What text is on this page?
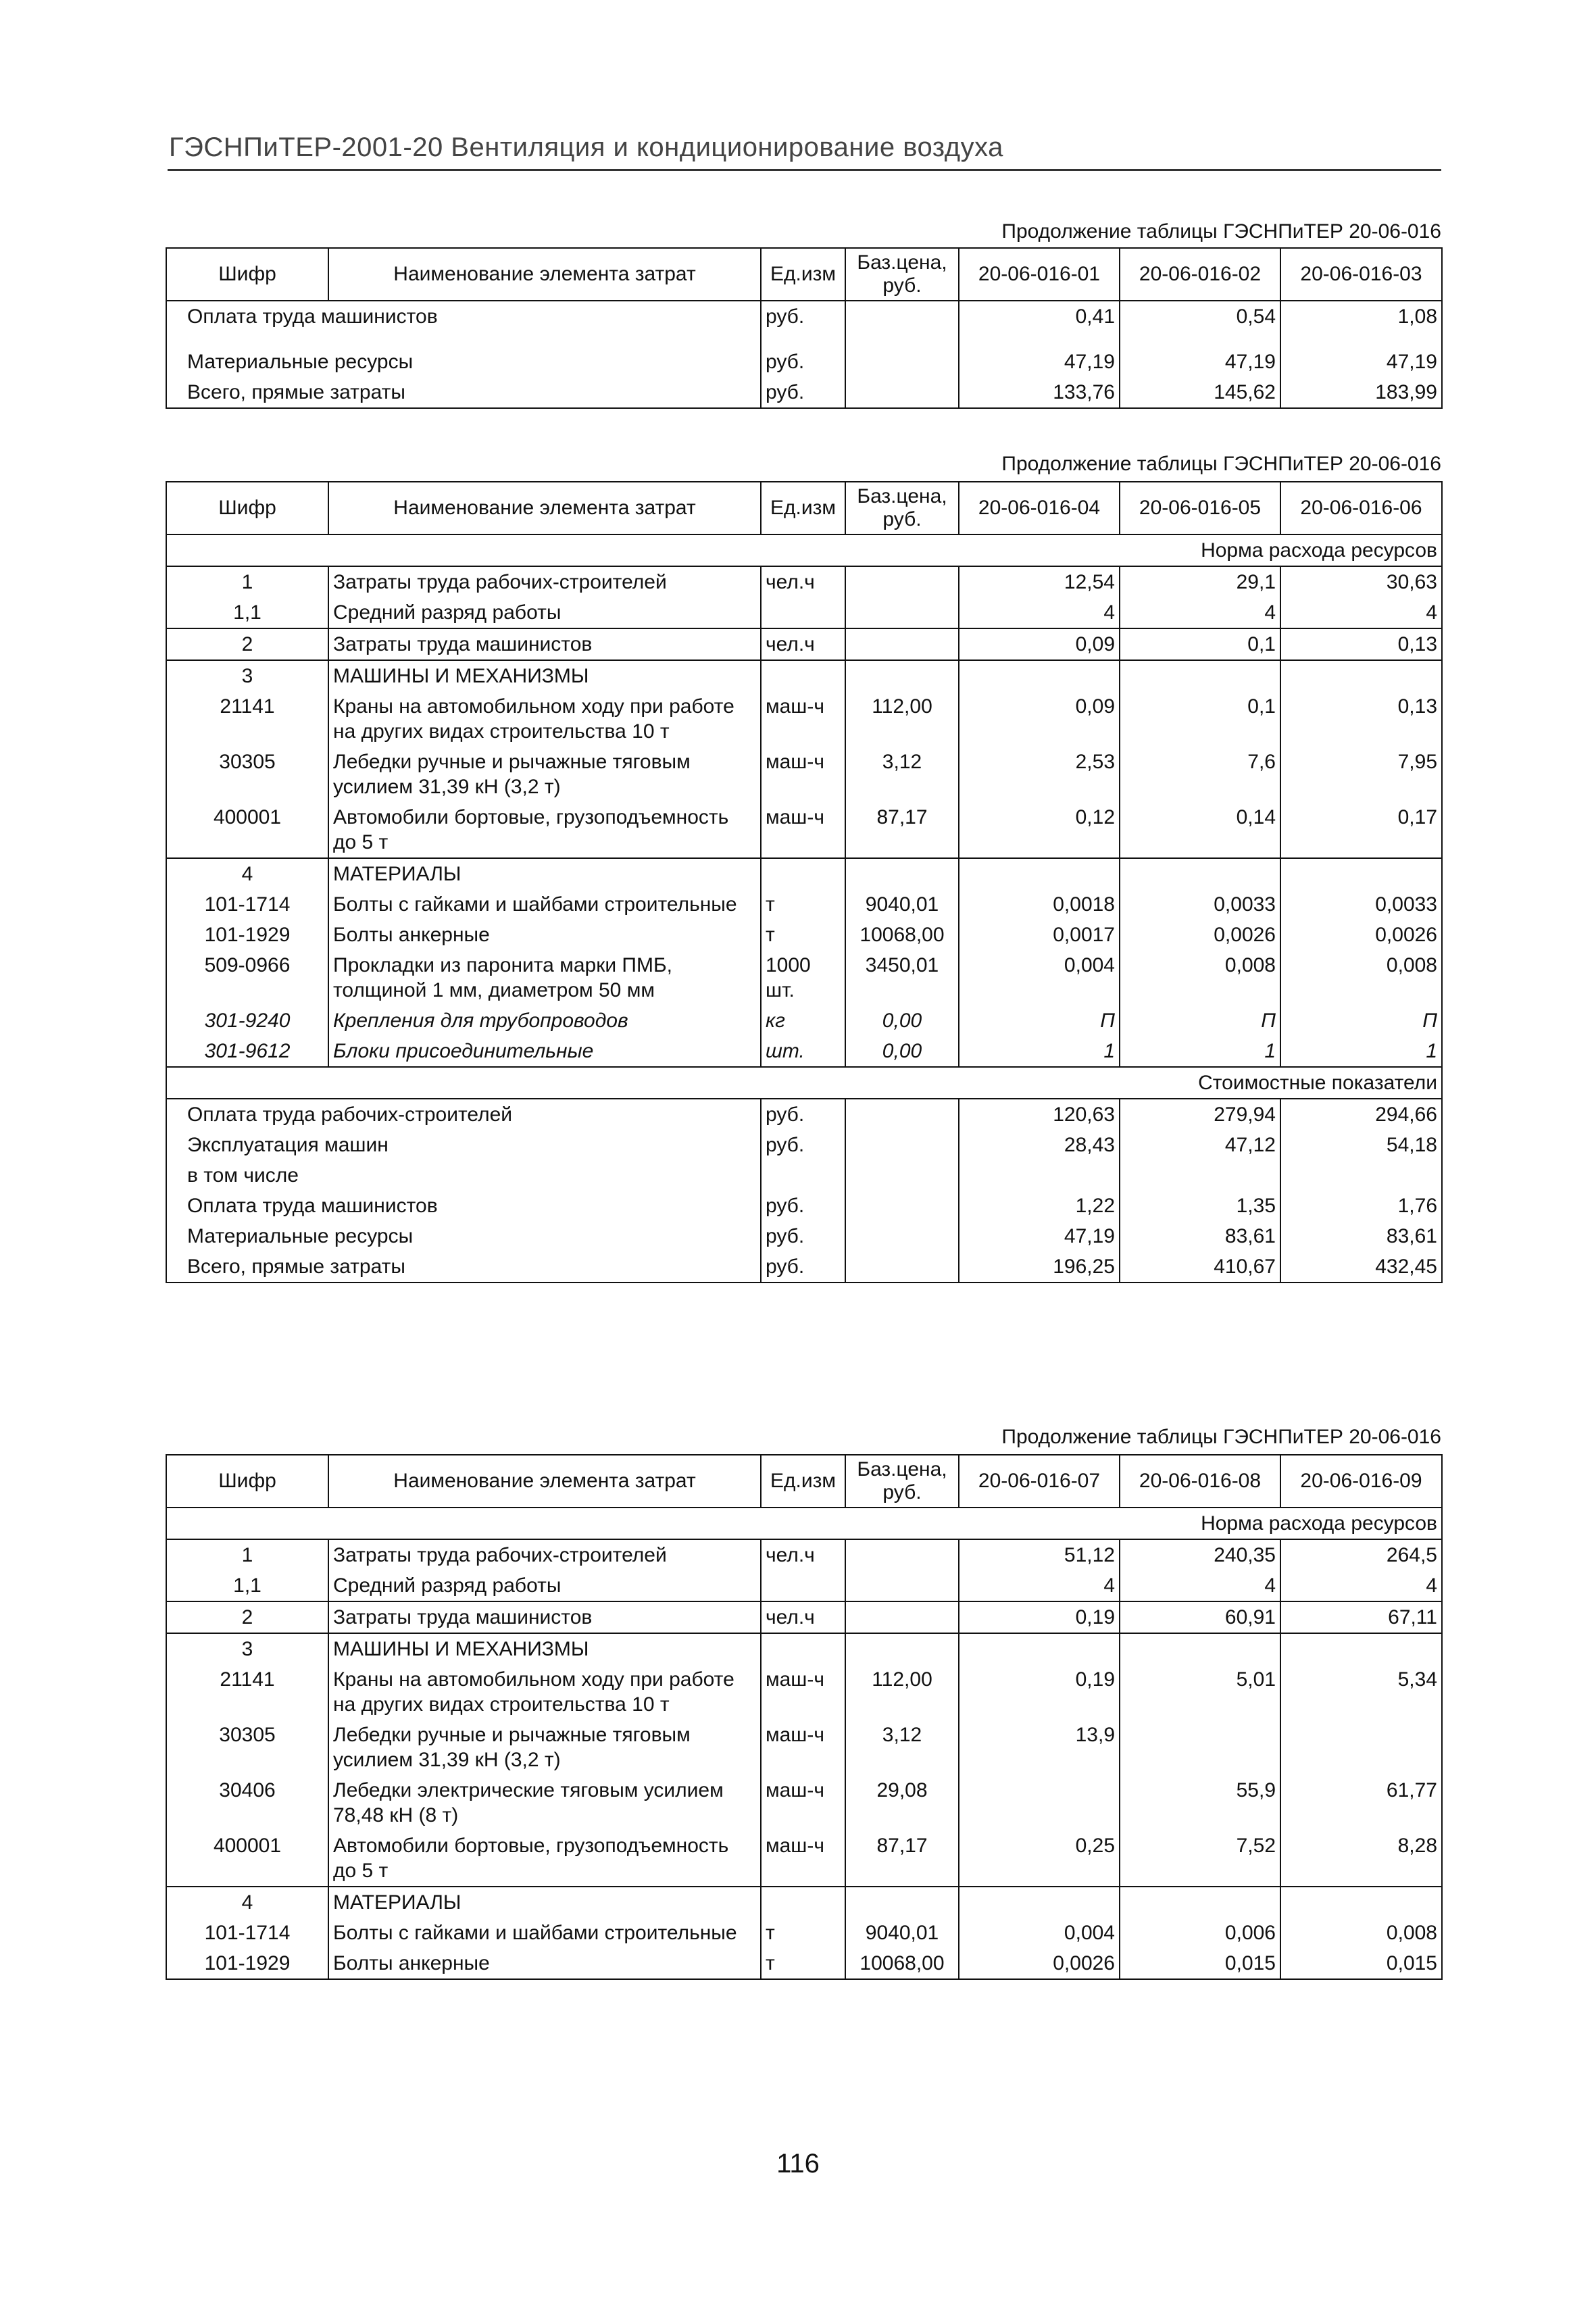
ГЭСНПиТЕР-2001-20 Вентиляция и кондиционирование воздуха
Продолжение таблицы ГЭСНПиТЕР 20-06-016
Шифр	Наименование элемента затрат	Ед.изм	Баз.цена, руб.	20-06-016-01	20-06-016-02	20-06-016-03
Оплата труда машинистов		руб.		0,41	0,54	1,08
Материальные ресурсы		руб.		47,19	47,19	47,19
Всего, прямые затраты		руб.		133,76	145,62	183,99
Продолжение таблицы ГЭСНПиТЕР 20-06-016
Шифр	Наименование элемента затрат	Ед.изм	Баз.цена, руб.	20-06-016-04	20-06-016-05	20-06-016-06
Норма расхода ресурсов						
1	Затраты труда рабочих-строителей	чел.ч		12,54	29,1	30,63
1,1	Средний разряд работы			4	4	4
2	Затраты труда машинистов	чел.ч		0,09	0,1	0,13
3	МАШИНЫ И МЕХАНИЗМЫ					
21141	Краны на автомобильном ходу при работе на других видах строительства 10 т	маш-ч	112,00	0,09	0,1	0,13
30305	Лебедки ручные и рычажные тяговым усилием 31,39 кН (3,2 т)	маш-ч	3,12	2,53	7,6	7,95
400001	Автомобили бортовые, грузоподъемность до 5 т	маш-ч	87,17	0,12	0,14	0,17
4	МАТЕРИАЛЫ					
101-1714	Болты с гайками и шайбами строительные	т	9040,01	0,0018	0,0033	0,0033
101-1929	Болты анкерные	т	10068,00	0,0017	0,0026	0,0026
509-0966	Прокладки из паронита марки ПМБ, толщиной 1 мм, диаметром 50 мм	1000 шт.	3450,01	0,004	0,008	0,008
301-9240	Крепления для трубопроводов	кг	0,00	П	П	П
301-9612	Блоки присоединительные	шт.	0,00	1	1	1
Стоимостные показатели						
Оплата труда рабочих-строителей		руб.		120,63	279,94	294,66
Эксплуатация машин		руб.		28,43	47,12	54,18
в том числе						
Оплата труда машинистов		руб.		1,22	1,35	1,76
Материальные ресурсы		руб.		47,19	83,61	83,61
Всего, прямые затраты		руб.		196,25	410,67	432,45
Продолжение таблицы ГЭСНПиТЕР 20-06-016
Шифр	Наименование элемента затрат	Ед.изм	Баз.цена, руб.	20-06-016-07	20-06-016-08	20-06-016-09
Норма расхода ресурсов						
1	Затраты труда рабочих-строителей	чел.ч		51,12	240,35	264,5
1,1	Средний разряд работы			4	4	4
2	Затраты труда машинистов	чел.ч		0,19	60,91	67,11
3	МАШИНЫ И МЕХАНИЗМЫ					
21141	Краны на автомобильном ходу при работе на других видах строительства 10 т	маш-ч	112,00	0,19	5,01	5,34
30305	Лебедки ручные и рычажные тяговым усилием 31,39 кН (3,2 т)	маш-ч	3,12	13,9		
30406	Лебедки электрические тяговым усилием 78,48 кН (8 т)	маш-ч	29,08		55,9	61,77
400001	Автомобили бортовые, грузоподъемность до 5 т	маш-ч	87,17	0,25	7,52	8,28
4	МАТЕРИАЛЫ					
101-1714	Болты с гайками и шайбами строительные	т	9040,01	0,004	0,006	0,008
101-1929	Болты анкерные	т	10068,00	0,0026	0,015	0,015
116
